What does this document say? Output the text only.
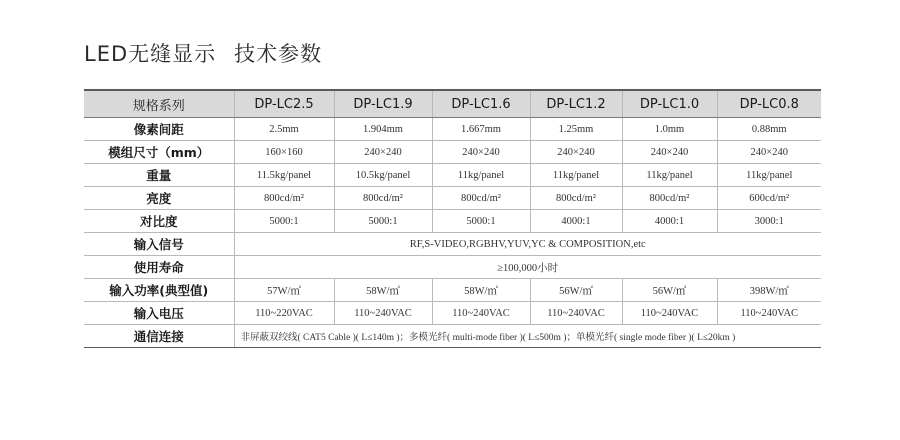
LED无缝显示 技术参数
规格系列	DP-LC2.5	DP-LC1.9	DP-LC1.6	DP-LC1.2	DP-LC1.0	DP-LC0.8
像素间距	2.5mm	1.904mm	1.667mm	1.25mm	1.0mm	0.88mm
模组尺寸（mm）	160×160	240×240	240×240	240×240	240×240	240×240
重量	11.5kg/panel	10.5kg/panel	11kg/panel	11kg/panel	11kg/panel	11kg/panel
亮度	800cd/m²	800cd/m²	800cd/m²	800cd/m²	800cd/m²	600cd/m²
对比度	5000:1	5000:1	5000:1	4000:1	4000:1	3000:1
输入信号	RF,S-VIDEO,RGBHV,YUV,YC & COMPOSITION,etc					
使用寿命	≥100,000小时					
输入功率(典型值)	57W/㎡	58W/㎡	58W/㎡	56W/㎡	56W/㎡	398W/㎡
输入电压	110~220VAC	110~240VAC	110~240VAC	110~240VAC	110~240VAC	110~240VAC
通信连接	非屏蔽双绞线( CAT5 Cable )( L≤140m )；多模光纤( multi-mode fiber )( L≤500m )；单模光纤( single mode fiber )( L≤20km )					
